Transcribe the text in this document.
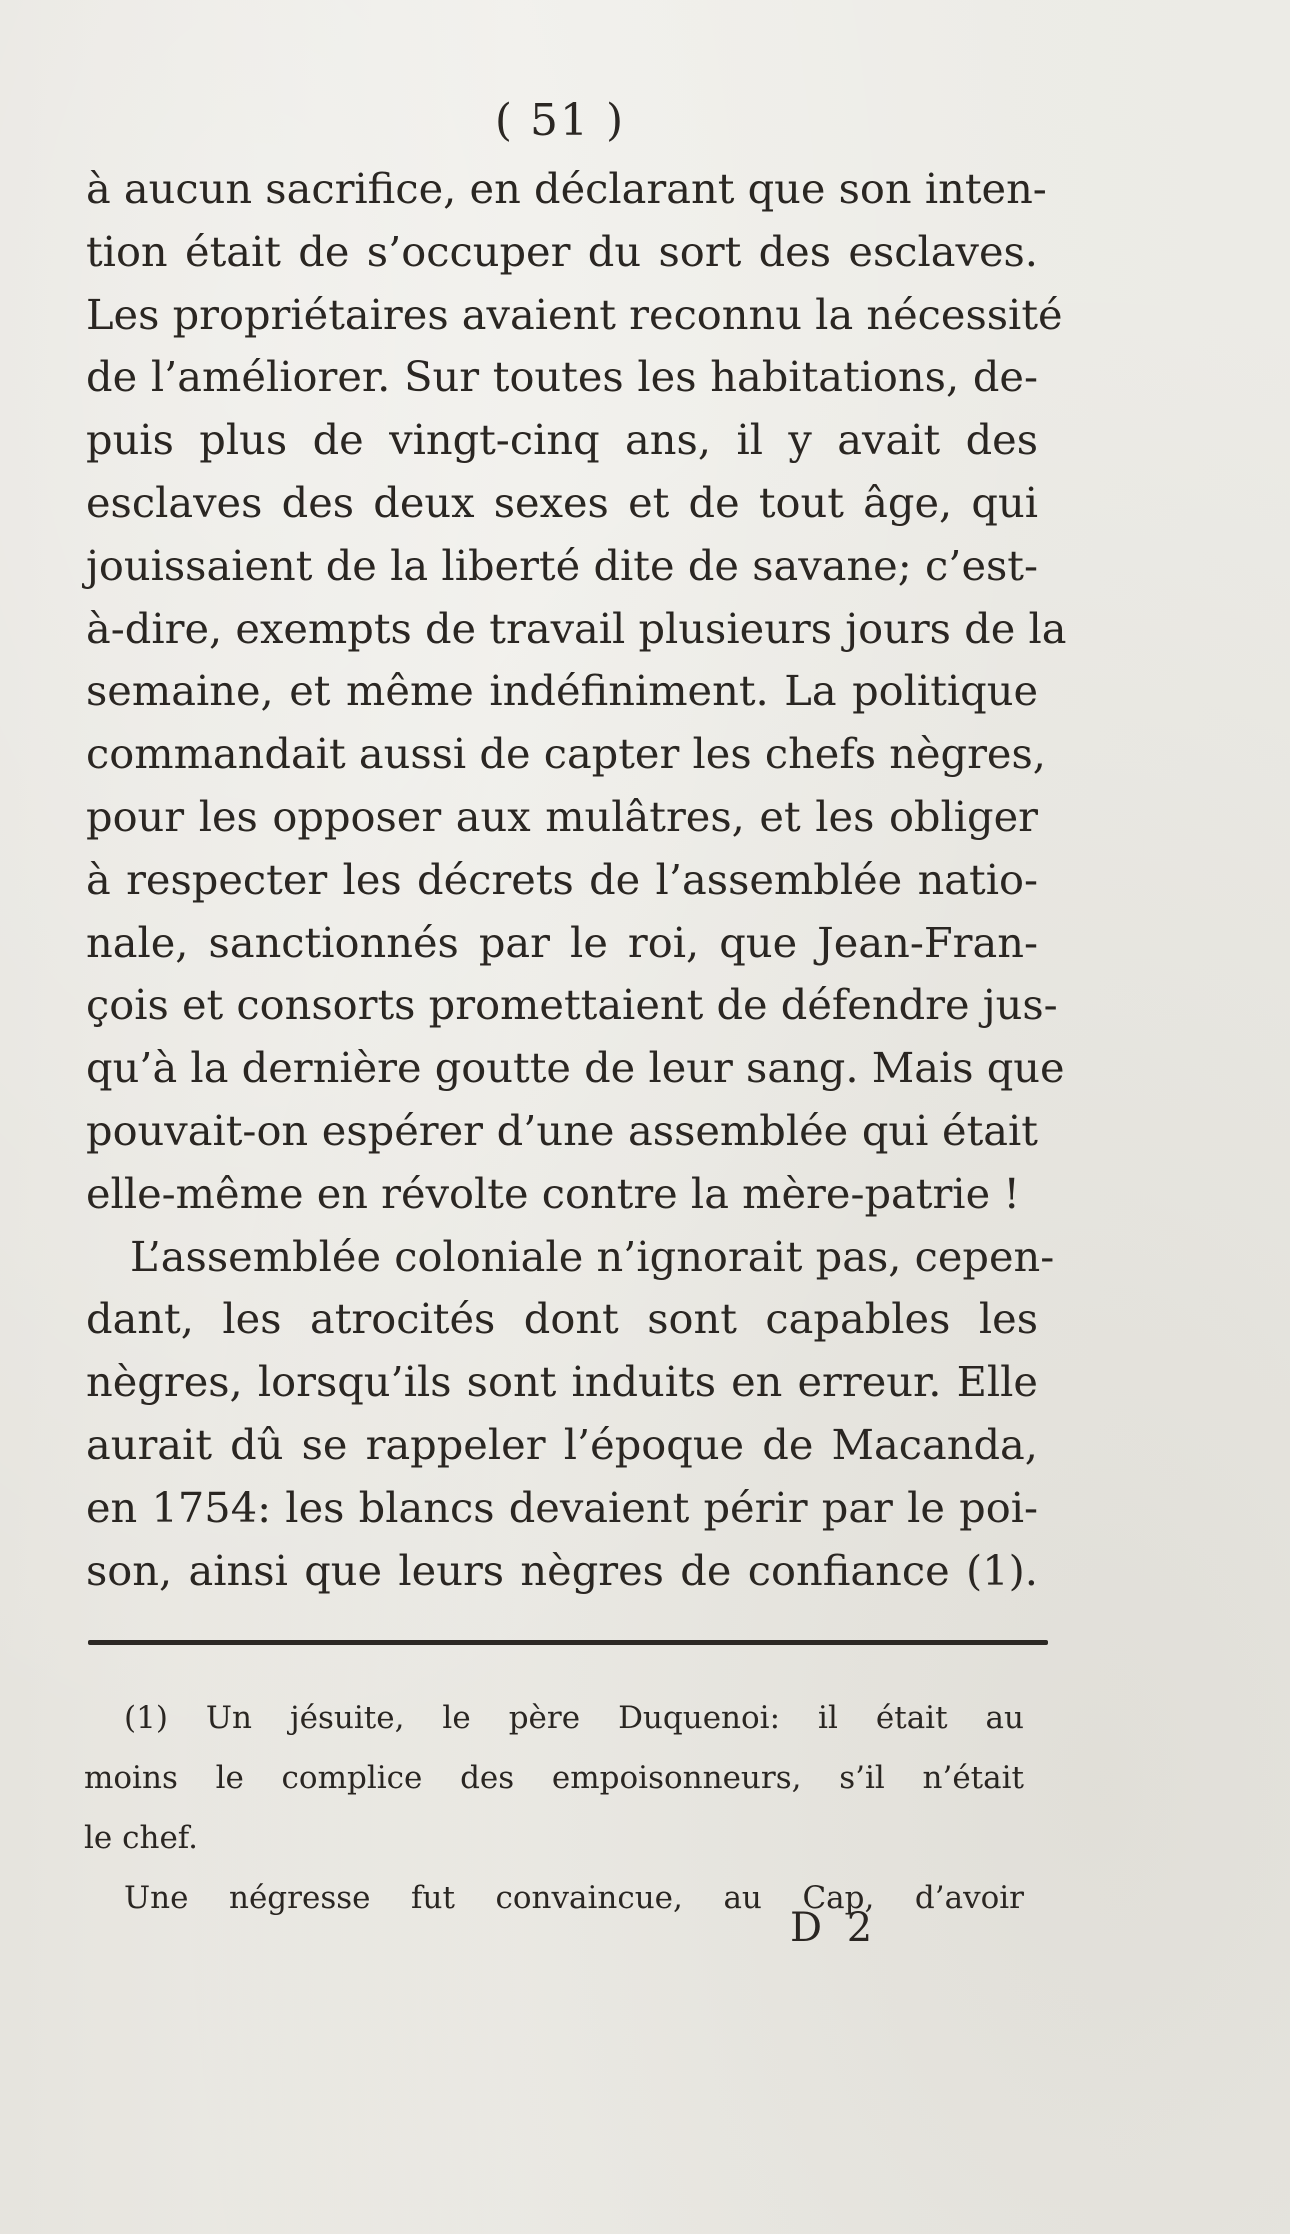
( 51 )
à aucun sacrifice, en déclarant que son inten-
tion était de s’occuper du sort des esclaves.
Les propriétaires avaient reconnu la nécessité
de l’améliorer. Sur toutes les habitations, de-
puis plus de vingt-cinq ans, il y avait des
esclaves des deux sexes et de tout âge, qui
jouissaient de la liberté dite de savane; c’est-
à-dire, exempts de travail plusieurs jours de la
semaine, et même indéfiniment. La politique
commandait aussi de capter les chefs nègres,
pour les opposer aux mulâtres, et les obliger
à respecter les décrets de l’assemblée natio-
nale, sanctionnés par le roi, que Jean-Fran-
çois et consorts promettaient de défendre jus-
qu’à la dernière goutte de leur sang. Mais que
pouvait-on espérer d’une assemblée qui était
elle-même en révolte contre la mère-patrie !
L’assemblée coloniale n’ignorait pas, cepen-
dant, les atrocités dont sont capables les
nègres, lorsqu’ils sont induits en erreur. Elle
aurait dû se rappeler l’époque de Macanda,
en 1754: les blancs devaient périr par le poi-
son, ainsi que leurs nègres de confiance (1).
(1) Un jésuite, le père Duquenoi: il était au
moins le complice des empoisonneurs, s’il n’était
le chef.
Une négresse fut convaincue, au Cap, d’avoir
D 2
